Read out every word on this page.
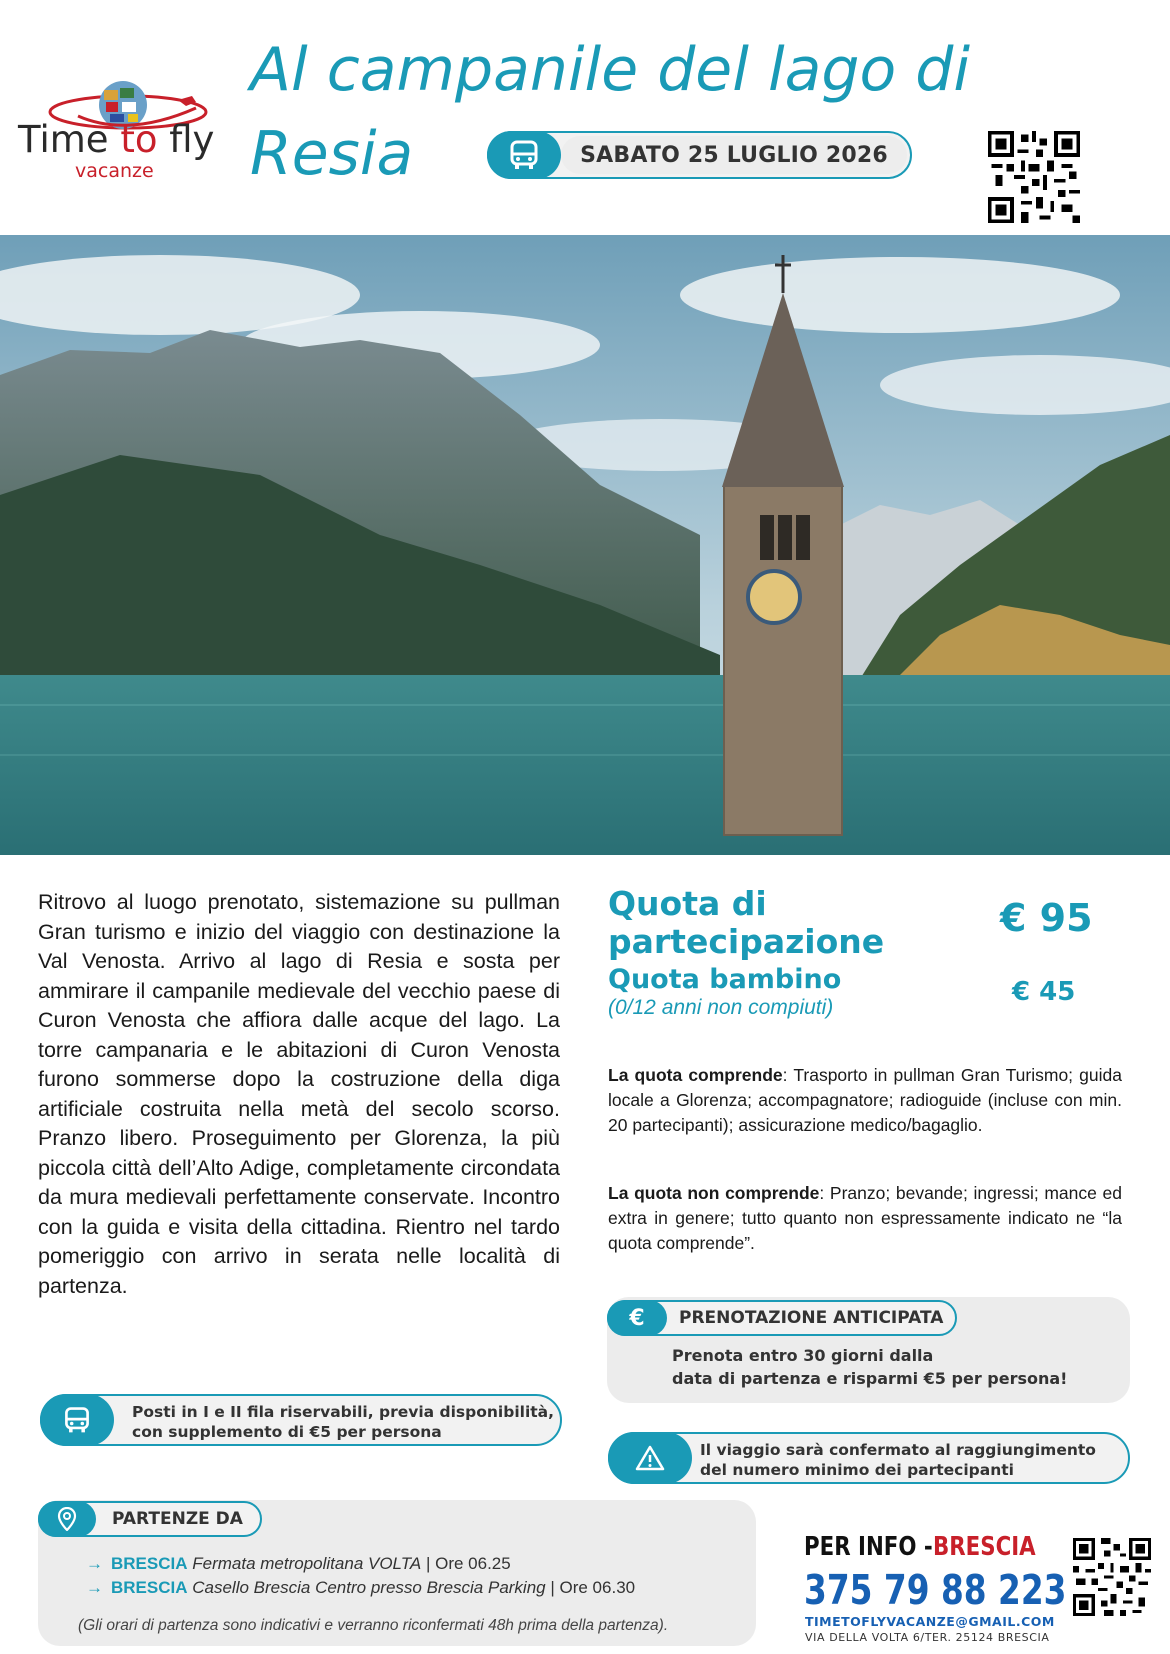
Time to fly
vacanze
Al campanile del lago di
Resia	SABATO 25 LUGLIO 2026

Ritrovo al luogo prenotato, sistemazione su pullman Gran turismo e inizio del viaggio con destinazione la Val Venosta. Arrivo al lago di Resia e sosta per ammirare il campanile medievale del vecchio paese di Curon Venosta che affiora dalle acque del lago. La torre campanaria e le abitazioni di Curon Venosta furono sommerse dopo la costruzione della diga artificiale costruita nella metà del secolo scorso. Pranzo libero. Proseguimento per Glorenza, la più piccola città dell’Alto Adige, completamente circondata da mura medievali perfettamente conservate. Incontro con la guida e visita della cittadina. Rientro nel tardo pomeriggio con arrivo in serata nelle località di partenza.

Quota di partecipazione
€ 95
Quota bambino	€ 45
(0/12 anni non compiuti)

La quota comprende: Trasporto in pullman Gran Turismo; guida locale a Glorenza; accompagnatore; radioguide (incluse con min. 20 partecipanti); assicurazione medico/bagaglio.

La quota non comprende: Pranzo; bevande; ingressi; mance ed extra in genere; tutto quanto non espressamente indicato ne “la quota comprende”.

€	PRENOTAZIONE ANTICIPATA
Prenota entro 30 giorni dalla
data di partenza e risparmi €5 per persona!
Posti in I e II fila riservabili, previa disponibilità,
con supplemento di €5 per persona
Il viaggio sarà confermato al raggiungimento
del numero minimo dei partecipanti
PARTENZE DA
→ BRESCIA Fermata metropolitana VOLTA | Ore 06.25
→ BRESCIA Casello Brescia Centro presso Brescia Parking | Ore 06.30
(Gli orari di partenza sono indicativi e verranno riconfermati 48h prima della partenza).
PER INFO - BRESCIA
375 79 88 223
TIMETOFLYVACANZE@GMAIL.COM
VIA DELLA VOLTA 6/TER. 25124 BRESCIA
